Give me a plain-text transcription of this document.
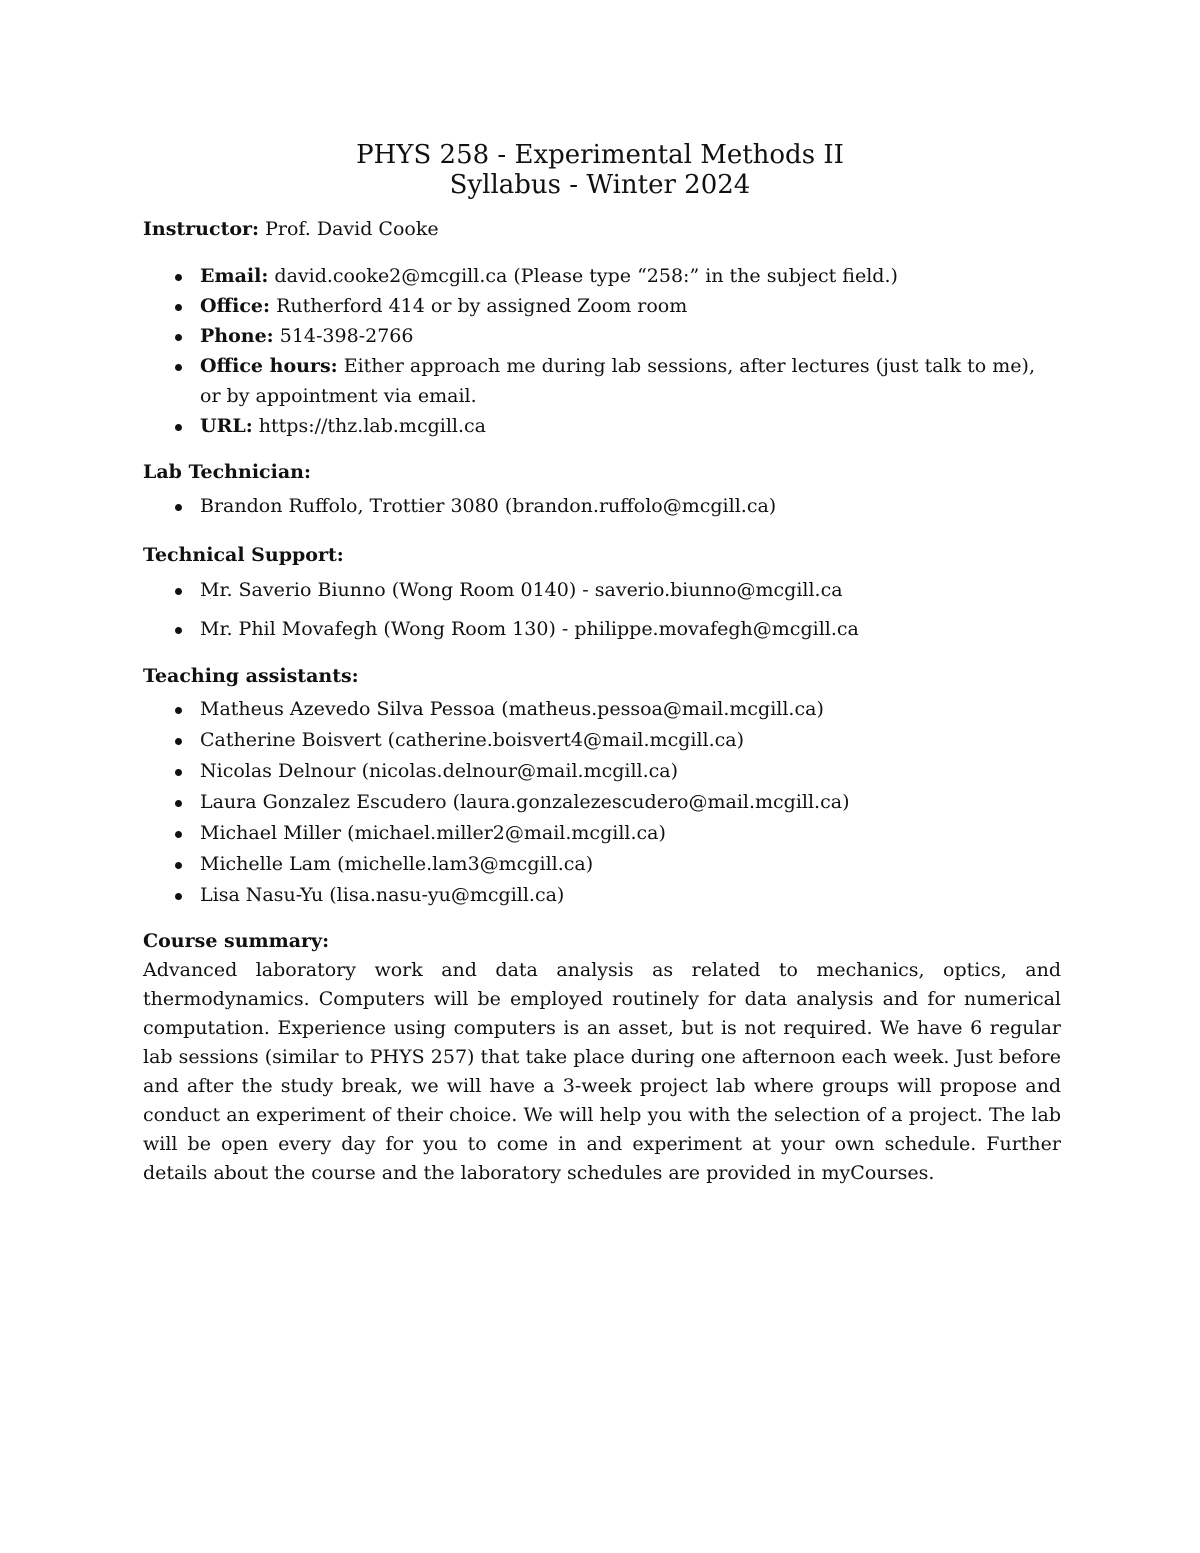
PHYS 258 - Experimental Methods II

Syllabus - Winter 2024

Instructor: Prof. David Cooke
Email: david.cooke2@mcgill.ca (Please type “258:” in the subject field.)
Office: Rutherford 414 or by assigned Zoom room
Phone: 514-398-2766
Office hours: Either approach me during lab sessions, after lectures (just talk to me), or by appointment via email.
URL: https://thz.lab.mcgill.ca
Lab Technician:
Brandon Ruffolo, Trottier 3080 (brandon.ruffolo@mcgill.ca)
Technical Support:
Mr. Saverio Biunno (Wong Room 0140) - saverio.biunno@mcgill.ca
Mr. Phil Movafegh (Wong Room 130) - philippe.movafegh@mcgill.ca
Teaching assistants:
Matheus Azevedo Silva Pessoa (matheus.pessoa@mail.mcgill.ca)
Catherine Boisvert (catherine.boisvert4@mail.mcgill.ca)
Nicolas Delnour (nicolas.delnour@mail.mcgill.ca)
Laura Gonzalez Escudero (laura.gonzalezescudero@mail.mcgill.ca)
Michael Miller (michael.miller2@mail.mcgill.ca)
Michelle Lam (michelle.lam3@mcgill.ca)
Lisa Nasu-Yu (lisa.nasu-yu@mcgill.ca)
Course summary:

Advanced laboratory work and data analysis as related to mechanics, optics, and thermodynamics. Computers will be employed routinely for data analysis and for numerical computation. Experience using computers is an asset, but is not required. We have 6 regular lab sessions (similar to PHYS 257) that take place during one afternoon each week. Just before and after the study break, we will have a 3-week project lab where groups will propose and conduct an experiment of their choice. We will help you with the selection of a project. The lab will be open every day for you to come in and experiment at your own schedule. Further details about the course and the laboratory schedules are provided in myCourses.
